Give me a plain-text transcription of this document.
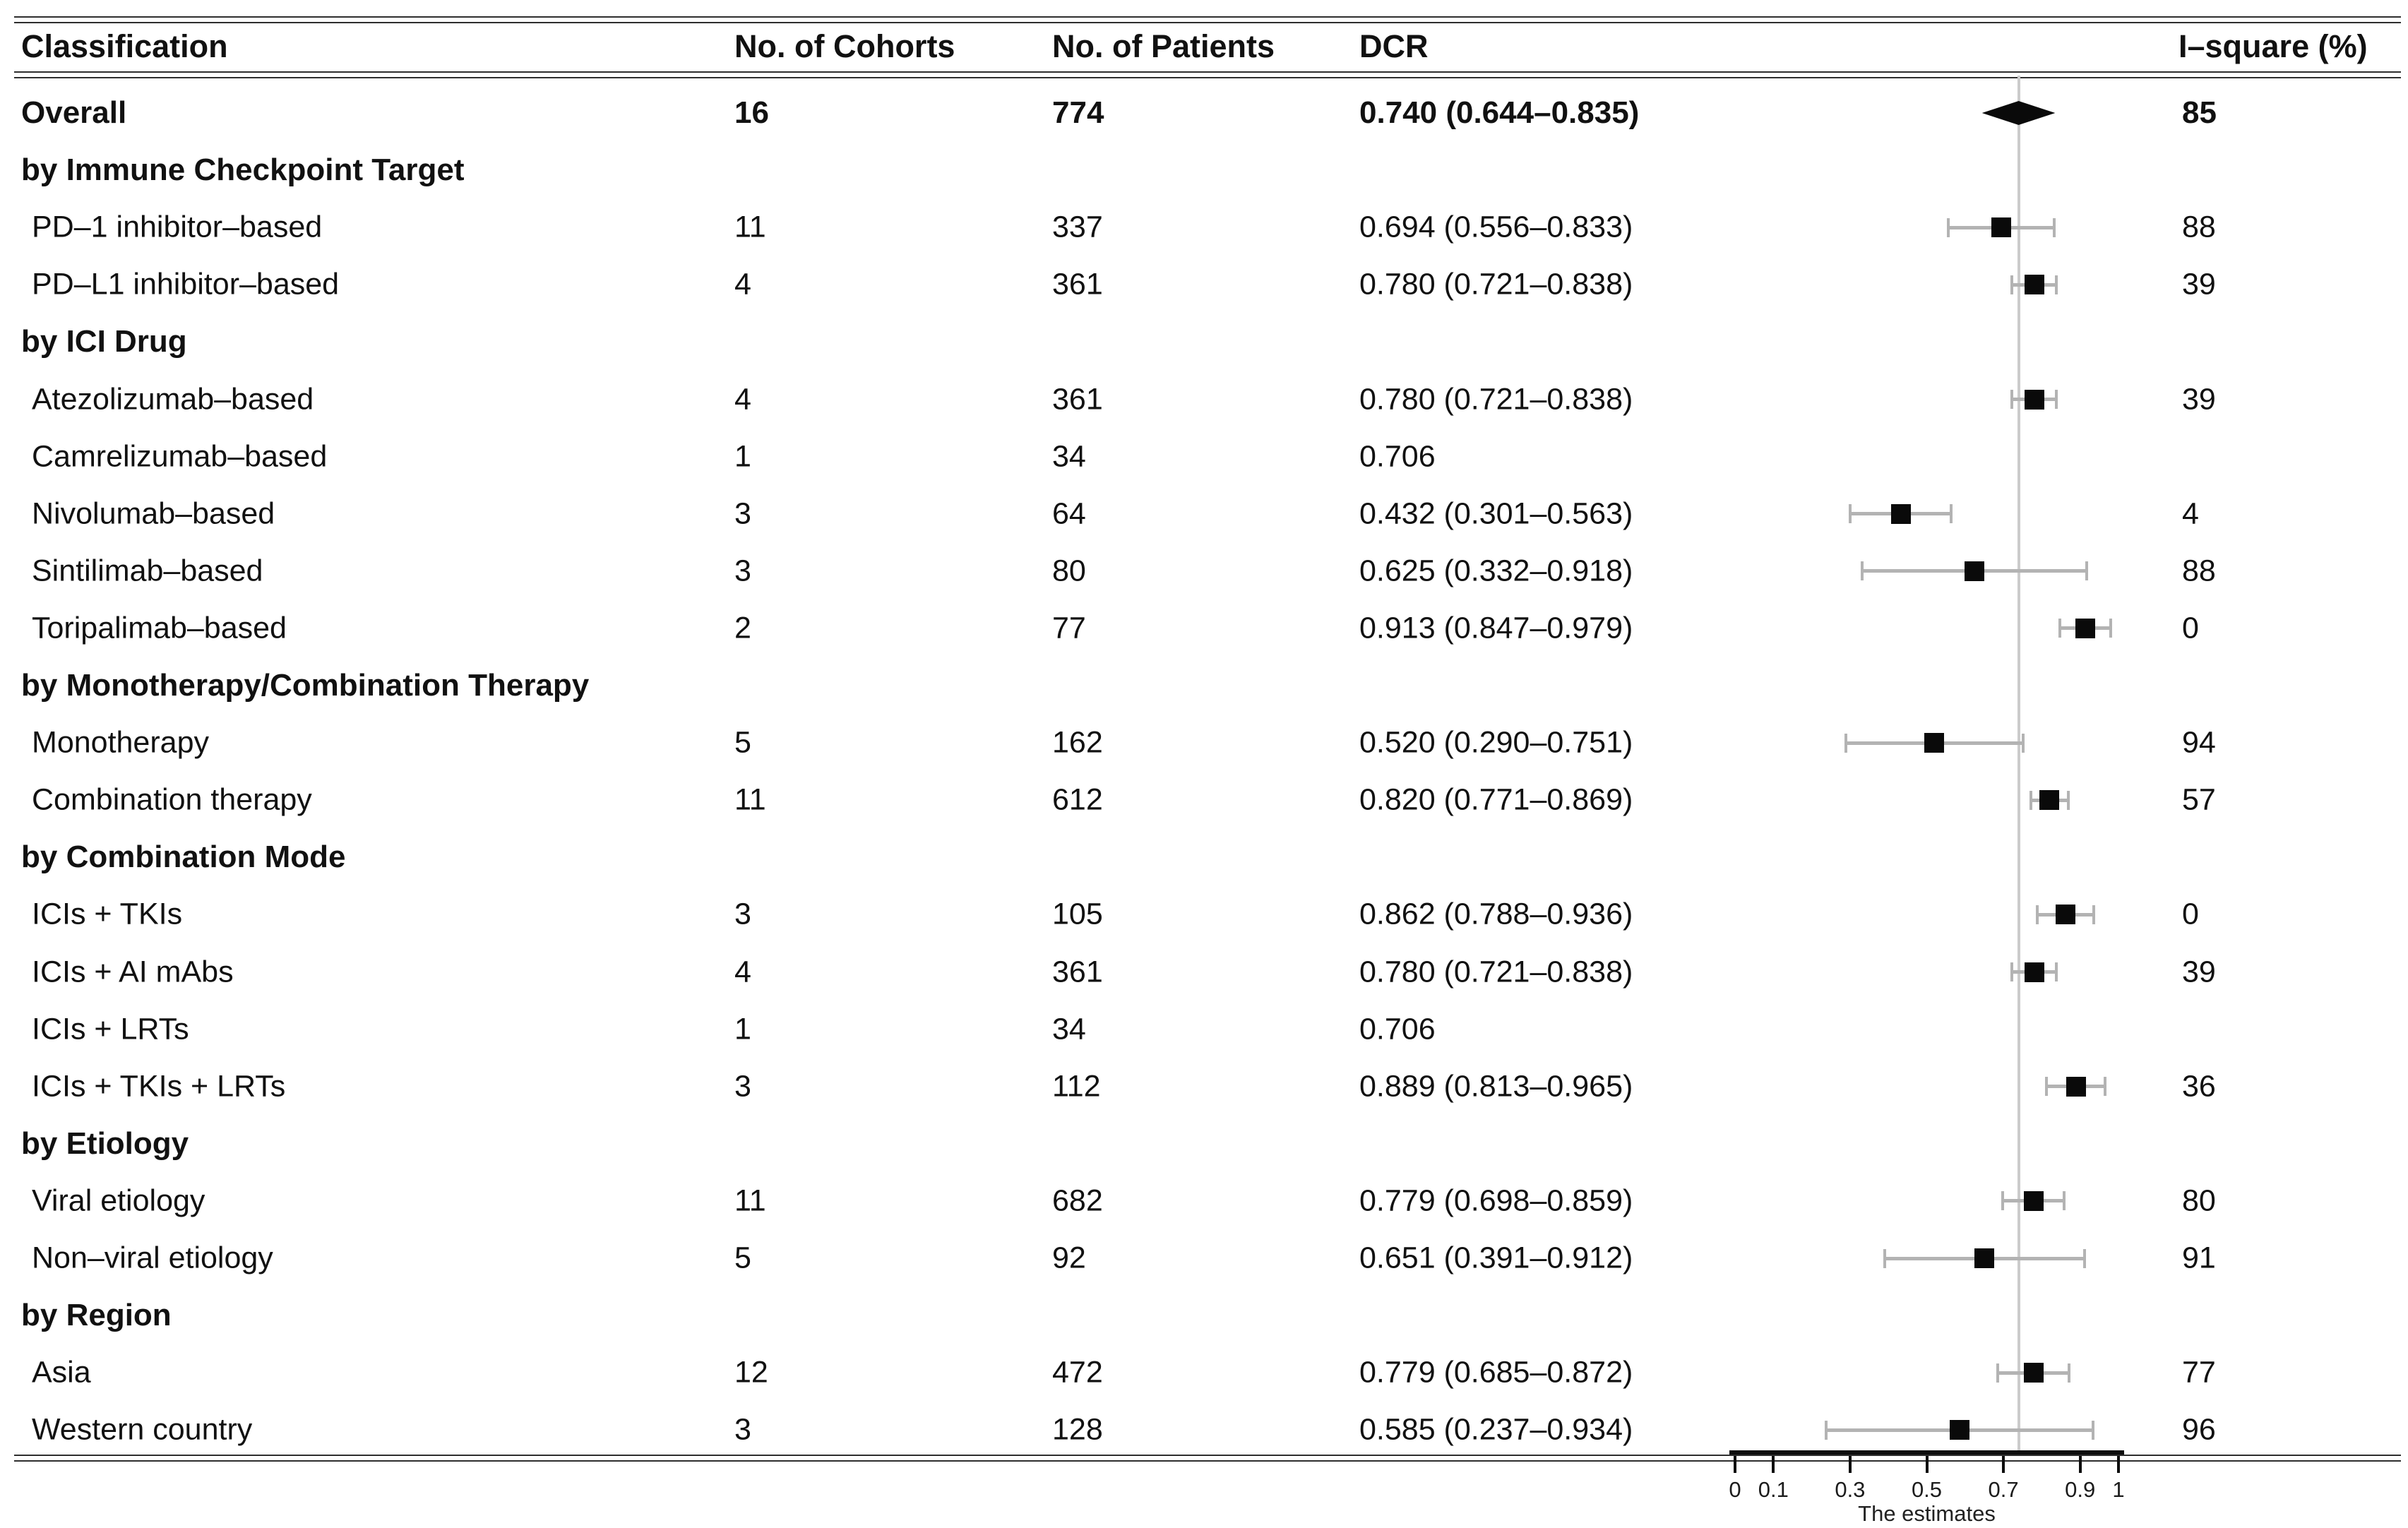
Classification	No. of Cohorts	No. of Patients	DCR	I–square (%)
Overall	16	774	0.740 (0.644–0.835)	85
by Immune Checkpoint Target
PD–1 inhibitor–based	11	337	0.694 (0.556–0.833)	88
PD–L1 inhibitor–based	4	361	0.780 (0.721–0.838)	39
by ICI Drug
Atezolizumab–based	4	361	0.780 (0.721–0.838)	39
Camrelizumab–based	1	34	0.706
Nivolumab–based	3	64	0.432 (0.301–0.563)	4
Sintilimab–based	3	80	0.625 (0.332–0.918)	88
Toripalimab–based	2	77	0.913 (0.847–0.979)	0
by Monotherapy/Combination Therapy
Monotherapy	5	162	0.520 (0.290–0.751)	94
Combination therapy	11	612	0.820 (0.771–0.869)	57
by Combination Mode
ICIs + TKIs	3	105	0.862 (0.788–0.936)	0
ICIs + AI mAbs	4	361	0.780 (0.721–0.838)	39
ICIs + LRTs	1	34	0.706
ICIs + TKIs + LRTs	3	112	0.889 (0.813–0.965)	36
by Etiology
Viral etiology	11	682	0.779 (0.698–0.859)	80
Non–viral etiology	5	92	0.651 (0.391–0.912)	91
by Region
Asia	12	472	0.779 (0.685–0.872)	77
Western country	3	128	0.585 (0.237–0.934)	96
0 0.1	0.3	0.5	0.7	0.9 1
The estimates
